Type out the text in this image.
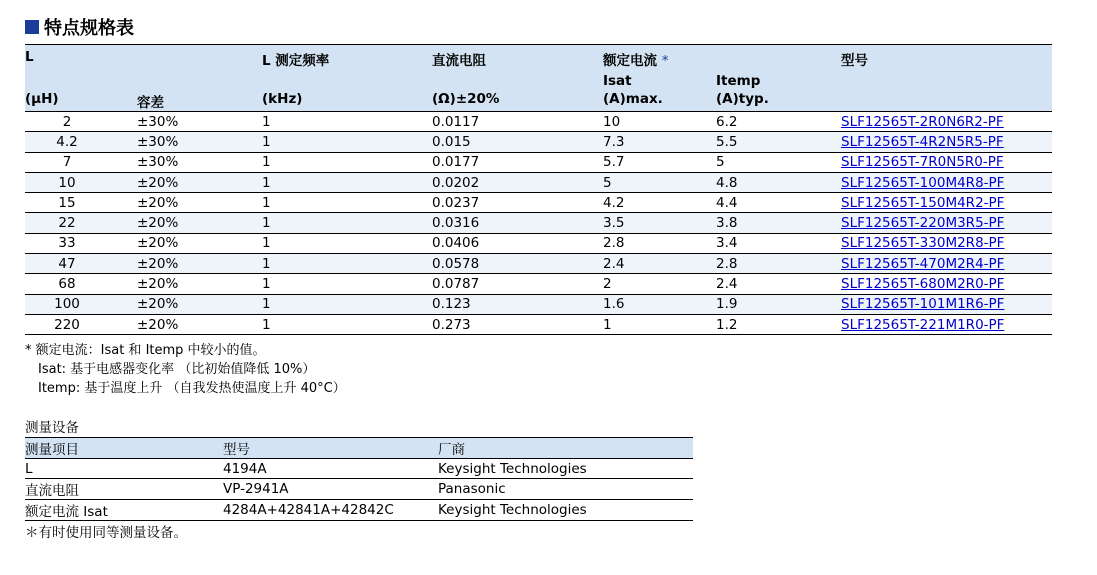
特点规格表
L		L 测定频率	直流电阻	额定电流 *		型号
				Isat	Itemp	
(μH)	容差	(kHz)	(Ω)±20%	(A)max.	(A)typ.	
2	±30%	1	0.0117	10	6.2	SLF12565T-2R0N6R2-PF
4.2	±30%	1	0.015	7.3	5.5	SLF12565T-4R2N5R5-PF
7	±30%	1	0.0177	5.7	5	SLF12565T-7R0N5R0-PF
10	±20%	1	0.0202	5	4.8	SLF12565T-100M4R8-PF
15	±20%	1	0.0237	4.2	4.4	SLF12565T-150M4R2-PF
22	±20%	1	0.0316	3.5	3.8	SLF12565T-220M3R5-PF
33	±20%	1	0.0406	2.8	3.4	SLF12565T-330M2R8-PF
47	±20%	1	0.0578	2.4	2.8	SLF12565T-470M2R4-PF
68	±20%	1	0.0787	2	2.4	SLF12565T-680M2R0-PF
100	±20%	1	0.123	1.6	1.9	SLF12565T-101M1R6-PF
220	±20%	1	0.273	1	1.2	SLF12565T-221M1R0-PF
* 额定电流：Isat 和 Itemp 中较小的值。
Isat: 基于电感器变化率 （比初始值降低 10%）
Itemp: 基于温度上升 （自我发热使温度上升 40°C）
测量设备
测量项目	型号	厂商
L	4194A	Keysight Technologies
直流电阻	VP-2941A	Panasonic
额定电流 Isat	4284A+42841A+42842C	Keysight Technologies
＊有时使用同等测量设备。
